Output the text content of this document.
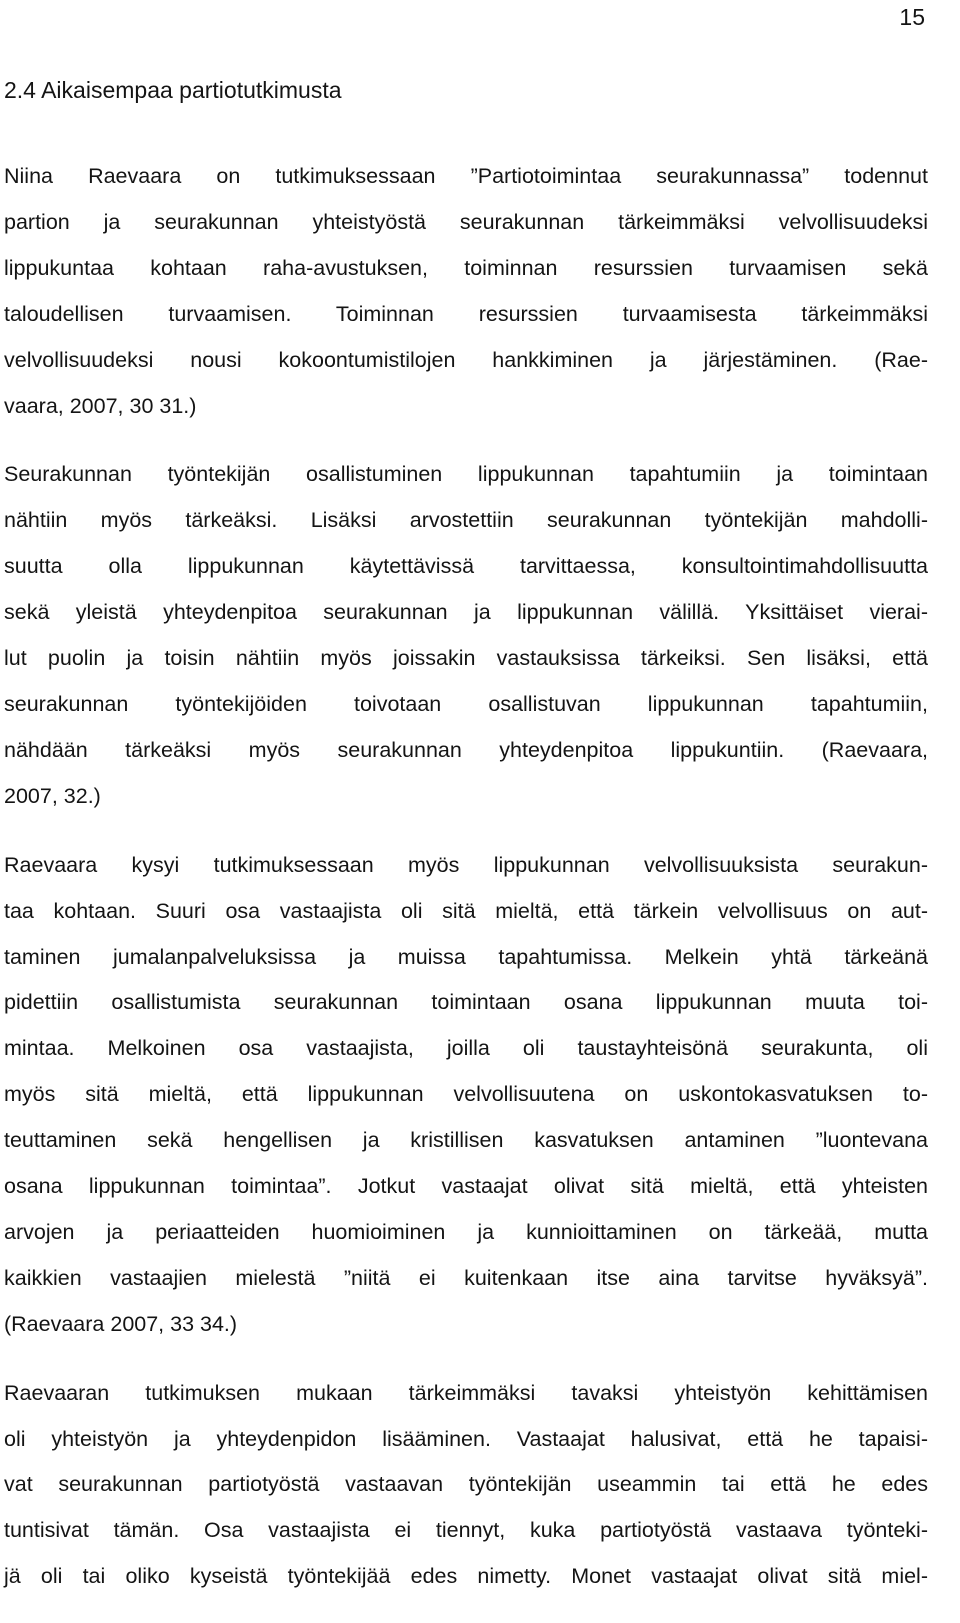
15
2.4 Aikaisempaa partiotutkimusta

Niina Raevaara on tutkimuksessaan ”Partiotoimintaa seurakunnassa” todennut
partion ja seurakunnan yhteistyöstä seurakunnan tärkeimmäksi velvollisuudeksi
lippukuntaa kohtaan raha-avustuksen, toiminnan resurssien turvaamisen sekä
taloudellisen turvaamisen. Toiminnan resurssien turvaamisesta tärkeimmäksi
velvollisuudeksi nousi kokoontumistilojen hankkiminen ja järjestäminen. (Rae-
vaara, 2007, 30 31.)

Seurakunnan työntekijän osallistuminen lippukunnan tapahtumiin ja toimintaan
nähtiin myös tärkeäksi. Lisäksi arvostettiin seurakunnan työntekijän mahdolli-
suutta olla lippukunnan käytettävissä tarvittaessa, konsultointimahdollisuutta
sekä yleistä yhteydenpitoa seurakunnan ja lippukunnan välillä. Yksittäiset vierai-
lut puolin ja toisin nähtiin myös joissakin vastauksissa tärkeiksi. Sen lisäksi, että
seurakunnan työntekijöiden toivotaan osallistuvan lippukunnan tapahtumiin,
nähdään tärkeäksi myös seurakunnan yhteydenpitoa lippukuntiin. (Raevaara,
2007, 32.)

Raevaara kysyi tutkimuksessaan myös lippukunnan velvollisuuksista seurakun-
taa kohtaan. Suuri osa vastaajista oli sitä mieltä, että tärkein velvollisuus on aut-
taminen jumalanpalveluksissa ja muissa tapahtumissa. Melkein yhtä tärkeänä
pidettiin osallistumista seurakunnan toimintaan osana lippukunnan muuta toi-
mintaa. Melkoinen osa vastaajista, joilla oli taustayhteisönä seurakunta, oli
myös sitä mieltä, että lippukunnan velvollisuutena on uskontokasvatuksen to-
teuttaminen sekä hengellisen ja kristillisen kasvatuksen antaminen ”luontevana
osana lippukunnan toimintaa”. Jotkut vastaajat olivat sitä mieltä, että yhteisten
arvojen ja periaatteiden huomioiminen ja kunnioittaminen on tärkeää, mutta
kaikkien vastaajien mielestä ”niitä ei kuitenkaan itse aina tarvitse hyväksyä”.
(Raevaara 2007, 33 34.)

Raevaaran tutkimuksen mukaan tärkeimmäksi tavaksi yhteistyön kehittämisen
oli yhteistyön ja yhteydenpidon lisääminen. Vastaajat halusivat, että he tapaisi-
vat seurakunnan partiotyöstä vastaavan työntekijän useammin tai että he edes
tuntisivat tämän. Osa vastaajista ei tiennyt, kuka partiotyöstä vastaava työnteki-
jä oli tai oliko kyseistä työntekijää edes nimetty. Monet vastaajat olivat sitä miel-
